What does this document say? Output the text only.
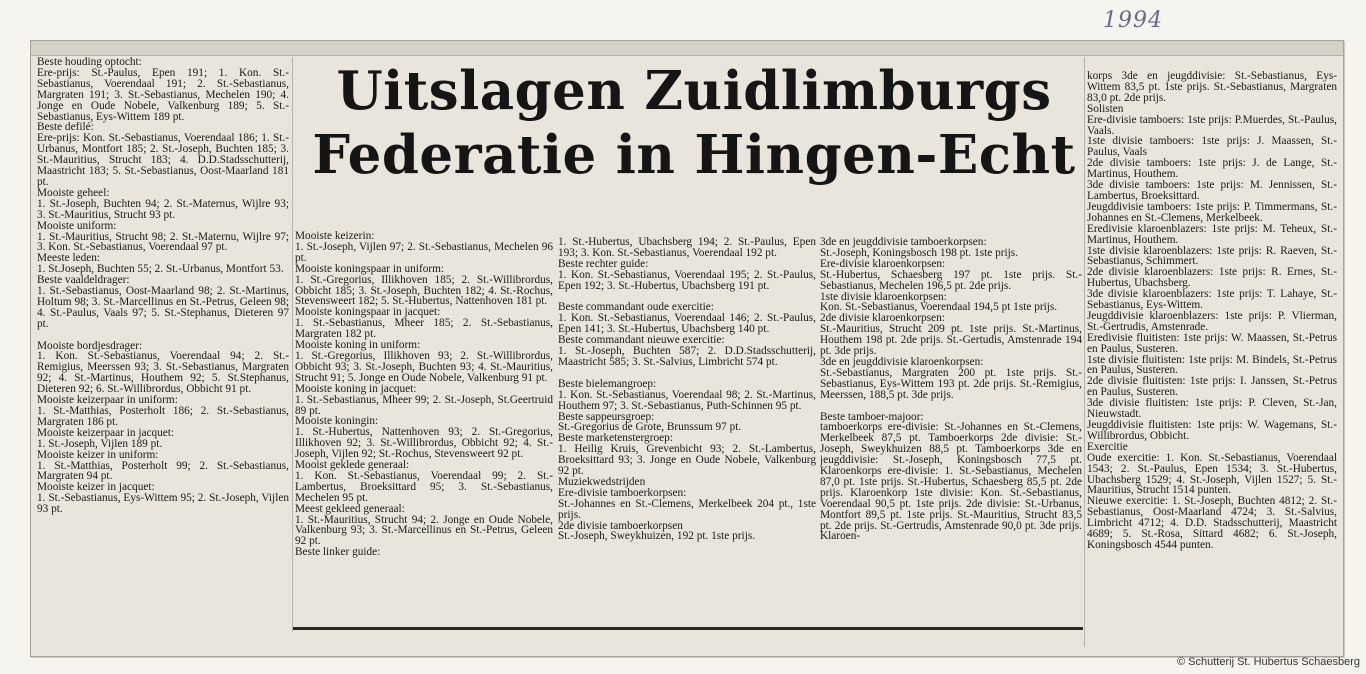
1994
Beste houding optocht:
Ere-prijs: St.-Paulus, Epen 191; 1. Kon. St.-Sebastianus, Voerendaal 191; 2. St.-Sebastianus, Margraten 191; 3. St.-Sebastianus, Mechelen 190; 4. Jonge en Oude Nobele, Valkenburg 189; 5. St.-Sebastianus, Eys-Wittem 189 pt.
Beste defilé:
Ere-prijs: Kon. St.-Sebastianus, Voerendaal 186; 1. St.-Urbanus, Montfort 185; 2. St.-Joseph, Buchten 185; 3. St.-Mauritius, Strucht 183; 4. D.D.Stadsschutterij, Maastricht 183; 5. St.-Sebastianus, Oost-Maarland 181 pt.
Mooiste geheel:
1. St.-Joseph, Buchten 94; 2. St.-Maternus, Wijlre 93; 3. St.-Mauritius, Strucht 93 pt.
Mooiste uniform:
1. St.-Mauritius, Strucht 98; 2. St.-Maternu, Wijlre 97; 3. Kon. St.-Sebastianus, Voerendaal 97 pt.
Meeste leden:
1. St.Joseph, Buchten 55; 2. St.-Urbanus, Montfort 53.
Beste vaaldeldrager:
1. St.-Sebastianus, Oost-Maarland 98; 2. St.-Martinus, Holtum 98; 3. St.-Marcellinus en St.-Petrus, Geleen 98; 4. St.-Paulus, Vaals 97; 5. St.-Stephanus, Dieteren 97 pt.

Mooiste bordjesdrager:
1. Kon. St.-Sebastianus, Voerendaal 94; 2. St.-Remigius, Meerssen 93; 3. St.-Sebastianus, Margraten 92; 4. St.-Martinus, Houthem 92; 5. St.Stephanus, Dieteren 92; 6. St.-Willibrordus, Obbicht 91 pt.
Mooiste keizerpaar in uniform:
1. St.-Matthias, Posterholt 186; 2. St.-Sebastianus, Margraten 186 pt.
Mooiste keizerpaar in jacquet:
1. St.-Joseph, Vijlen 189 pt.
Mooiste keizer in uniform:
1. St.-Matthias, Posterholt 99; 2. St.-Sebastianus, Margraten 94 pt.
Mooiste keizer in jacquet:
1. St.-Sebastianus, Eys-Wittem 95; 2. St.-Joseph, Vijlen 93 pt.
Uitslagen Zuidlimburgs
Federatie in Hingen-Echt
Mooiste keizerin:
1. St.-Joseph, Vijlen 97; 2. St.-Sebastianus, Mechelen 96 pt.
Mooiste koningspaar in uniform:
1. St.-Gregorius, Illikhoven 185; 2. St.-Willibrordus, Obbicht 185; 3. St.-Joseph, Buchten 182; 4. St.-Rochus, Stevensweert 182; 5. St.-Hubertus, Nattenhoven 181 pt.
Mooiste koningspaar in jacquet:
1. St.-Sebastianus, Mheer 185; 2. St.-Sebastianus, Margraten 182 pt.
Mooiste koning in uniform:
1. St.-Gregorius, Illikhoven 93; 2. St.-Willibrordus, Obbicht 93; 3. St.-Joseph, Buchten 93; 4. St.-Mauritius, Strucht 91; 5. Jonge en Oude Nobele, Valkenburg 91 pt.
Mooiste koning in jacquet:
1. St.-Sebastianus, Mheer 99; 2. St.-Joseph, St.Geertruid 89 pt.
Mooiste koningin:
1. St.-Hubertus, Nattenhoven 93; 2. St.-Gregorius, Illikhoven 92; 3. St.-Willibrordus, Obbicht 92; 4. St.-Joseph, Vijlen 92; St.-Rochus, Stevensweert 92 pt.
Mooist geklede generaal:
1. Kon. St.-Sebastianus, Voerendaal 99; 2. St.-Lambertus, Broeksittard 95; 3. St.-Sebastianus, Mechelen 95 pt.
Meest gekleed generaal:
1. St.-Mauritius, Strucht 94; 2. Jonge en Oude Nobele, Valkenburg 93; 3. St.-Marcellinus en St.-Petrus, Geleen 92 pt.
Beste linker guide:
1. St.-Hubertus, Ubachsberg 194; 2. St.-Paulus, Epen 193; 3. Kon. St.-Sebastianus, Voerendaal 192 pt.
Beste rechter guide:
1. Kon. St.-Sebastianus, Voerendaal 195; 2. St.-Paulus, Epen 192; 3. St.-Hubertus, Ubachsberg 191 pt.

Beste commandant oude exercitie:
1. Kon. St.-Sebastianus, Voerendaal 146; 2. St.-Paulus, Epen 141; 3. St.-Hubertus, Ubachsberg 140 pt.
Beste commandant nieuwe exercitie:
1. St.-Joseph, Buchten 587; 2. D.D.Stadsschutterij, Maastricht 585; 3. St.-Salvius, Limbricht 574 pt.

Beste bielemangroep:
1. Kon. St.-Sebastianus, Voerendaal 98; 2. St.-Martinus, Houthem 97; 3. St.-Sebastianus, Puth-Schinnen 95 pt.
Beste sappeursgroep:
St.-Gregorius de Grote, Brunssum 97 pt.
Beste marketenstergroep:
1. Heilig Kruis, Grevenbicht 93; 2. St.-Lambertus, Broeksittard 93; 3. Jonge en Oude Nobele, Valkenburg 92 pt.
Muziekwedstrijden
Ere-divisie tamboerkorpsen:
St.-Johannes en St.-Clemens, Merkelbeek 204 pt., 1ste prijs.
2de divisie tamboerkorpsen
St.-Joseph, Sweykhuizen, 192 pt. 1ste prijs.
3de en jeugddivisie tamboerkorpsen:
St.-Joseph, Koningsbosch 198 pt. 1ste prijs.
Ere-divisie klaroenkorpsen:
St.-Hubertus, Schaesberg 197 pt. 1ste prijs. St.-Sebastianus, Mechelen 196,5 pt. 2de prijs.
1ste divisie klaroenkorpsen:
Kon. St.-Sebastianus, Voerendaal 194,5 pt 1ste prijs.
2de divisie klaroenkorpsen:
St.-Mauritius, Strucht 209 pt. 1ste prijs. St.-Martinus, Houthem 198 pt. 2de prijs. St.-Gertudis, Amstenrade 194 pt. 3de prijs.
3de en jeugddivisie klaroenkorpsen:
St.-Sebastianus, Margraten 200 pt. 1ste prijs. St.-Sebastianus, Eys-Wittem 193 pt. 2de prijs. St.-Remigius, Meerssen, 188,5 pt. 3de prijs.

Beste tamboer-majoor:
tamboerkorps ere-divisie: St.-Johannes en St.-Clemens, Merkelbeek 87,5 pt. Tamboerkorps 2de divisie: St.-Joseph, Sweykhuizen 88,5 pt. Tamboerkorps 3de en jeugddivisie: St.-Joseph, Koningsbosch 77,5 pt. Klaroenkorps ere-divisie: 1. St.-Sebastianus, Mechelen 87,0 pt. 1ste prijs. St.-Hubertus, Schaesberg 85,5 pt. 2de prijs. Klaroenkorp 1ste divisie: Kon. St.-Sebastianus, Voerendaal 90,5 pt. 1ste prijs. 2de divisie: St.-Urbanus, Montfort 89,5 pt. 1ste prijs. St.-Mauritius, Strucht 83,5 pt. 2de prijs. St.-Gertrudis, Amstenrade 90,0 pt. 3de prijs. Klaroen-
korps 3de en jeugddivisie: St.-Sebastianus, Eys-Wittem 83,5 pt. 1ste prijs. St.-Sebastianus, Margraten 83,0 pt. 2de prijs.
Solisten
Ere-divisie tamboers: 1ste prijs: P.Muerdes, St.-Paulus, Vaals.
1ste divisie tamboers: 1ste prijs: J. Maassen, St.-Paulus, Vaals
2de divisie tamboers: 1ste prijs: J. de Lange, St.-Martinus, Houthem.
3de divisie tamboers: 1ste prijs: M. Jennissen, St.-Lambertus, Broeksittard.
Jeugddivisie tamboers: 1ste prijs: P. Timmermans, St.-Johannes en St.-Clemens, Merkelbeek.
Eredivisie klaroenblazers: 1ste prijs: M. Teheux, St.-Martinus, Houthem.
1ste divisie klaroenblazers: 1ste prijs: R. Raeven, St.-Sebastianus, Schimmert.
2de divisie klaroenblazers: 1ste prijs: R. Ernes, St.-Hubertus, Ubachsberg.
3de divisie klaroenblazers: 1ste prijs: T. Lahaye, St.-Sebastianus, Eys-Wittem.
Jeugddivisie klaroenblazers: 1ste prijs: P. Vlierman, St.-Gertrudis, Amstenrade.
Eredivisie fluitisten: 1ste prijs: W. Maassen, St.-Petrus en Paulus, Susteren.
1ste divisie fluitisten: 1ste prijs: M. Bindels, St.-Petrus en Paulus, Susteren.
2de divisie fluitisten: 1ste prijs: I. Janssen, St.-Petrus en Paulus, Susteren.
3de divisie fluitisten: 1ste prijs: P. Cleven, St.-Jan, Nieuwstadt.
Jeugddivisie fluitisten: 1ste prijs: W. Wagemans, St.-Willibrordus, Obbicht.
Exercitie
Oude exercitie: 1. Kon. St.-Sebastianus, Voerendaal 1543; 2. St.-Paulus, Epen 1534; 3. St.-Hubertus, Ubachsberg 1529; 4. St.-Joseph, Vijlen 1527; 5. St.-Mauritius, Strucht 1514 punten.
Nieuwe exercitie: 1. St.-Joseph, Buchten 4812; 2. St.-Sebastianus, Oost-Maarland 4724; 3. St.-Salvius, Limbricht 4712; 4. D.D. Stadsschutterij, Maastricht 4689; 5. St.-Rosa, Sittard 4682; 6. St.-Joseph, Koningsbosch 4544 punten.
© Schutterij St. Hubertus Schaesberg
